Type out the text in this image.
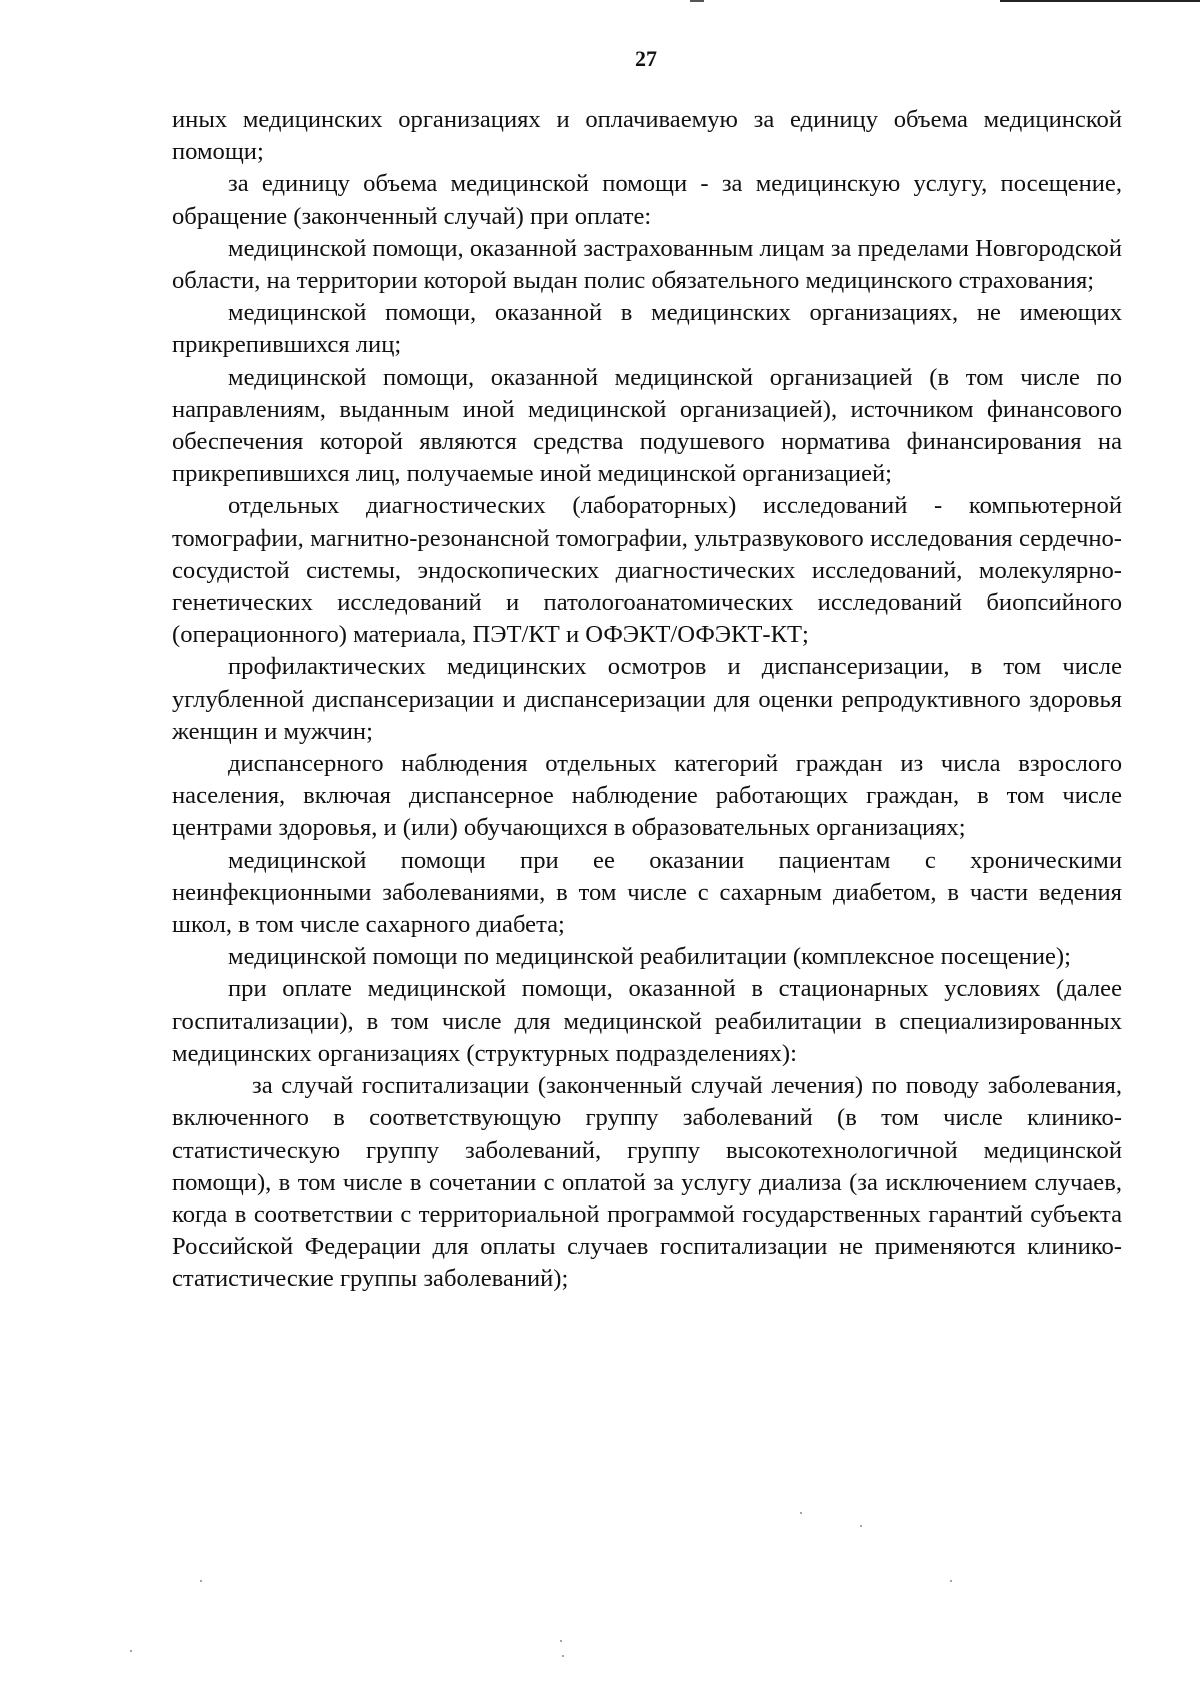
27

иных медицинских организациях и оплачиваемую за единицу объема медицинской помощи;

за единицу объема медицинской помощи - за медицинскую услугу, посещение, обращение (законченный случай) при оплате:

медицинской помощи, оказанной застрахованным лицам за пределами Новгородской области, на территории которой выдан полис обязательного медицинского страхования;

медицинской помощи, оказанной в медицинских организациях, не имеющих прикрепившихся лиц;

медицинской помощи, оказанной медицинской организацией (в том числе по направлениям, выданным иной медицинской организацией), источником финансового обеспечения которой являются средства подушевого норматива финансирования на прикрепившихся лиц, получаемые иной медицинской организацией;

отдельных диагностических (лабораторных) исследований - компьютерной томографии, магнитно-резонансной томографии, ультразвукового исследования сердечно-сосудистой системы, эндоскопических диагностических исследований, молекулярно-генетических исследований и патологоанатомических исследований биопсийного (операционного) материала, ПЭТ/КТ и ОФЭКТ/ОФЭКТ-КТ;

профилактических медицинских осмотров и диспансеризации, в том числе углубленной диспансеризации и диспансеризации для оценки репродуктивного здоровья женщин и мужчин;

диспансерного наблюдения отдельных категорий граждан из числа взрослого населения, включая диспансерное наблюдение работающих граждан, в том числе центрами здоровья, и (или) обучающихся в образовательных организациях;

медицинской помощи при ее оказании пациентам с хроническими неинфекционными заболеваниями, в том числе с сахарным диабетом, в части ведения школ, в том числе сахарного диабета;

медицинской помощи по медицинской реабилитации (комплексное посещение);

при оплате медицинской помощи, оказанной в стационарных условиях (далее госпитализации), в том числе для медицинской реабилитации в специализированных медицинских организациях (структурных подразделениях):

за случай госпитализации (законченный случай лечения) по поводу заболевания, включенного в соответствующую группу заболеваний (в том числе клинико-статистическую группу заболеваний, группу высокотехнологичной медицинской помощи), в том числе в сочетании с оплатой за услугу диализа (за исключением случаев, когда в соответствии с территориальной программой государственных гарантий субъекта Российской Федерации для оплаты случаев госпитализации не применяются клинико-статистические группы заболеваний);
